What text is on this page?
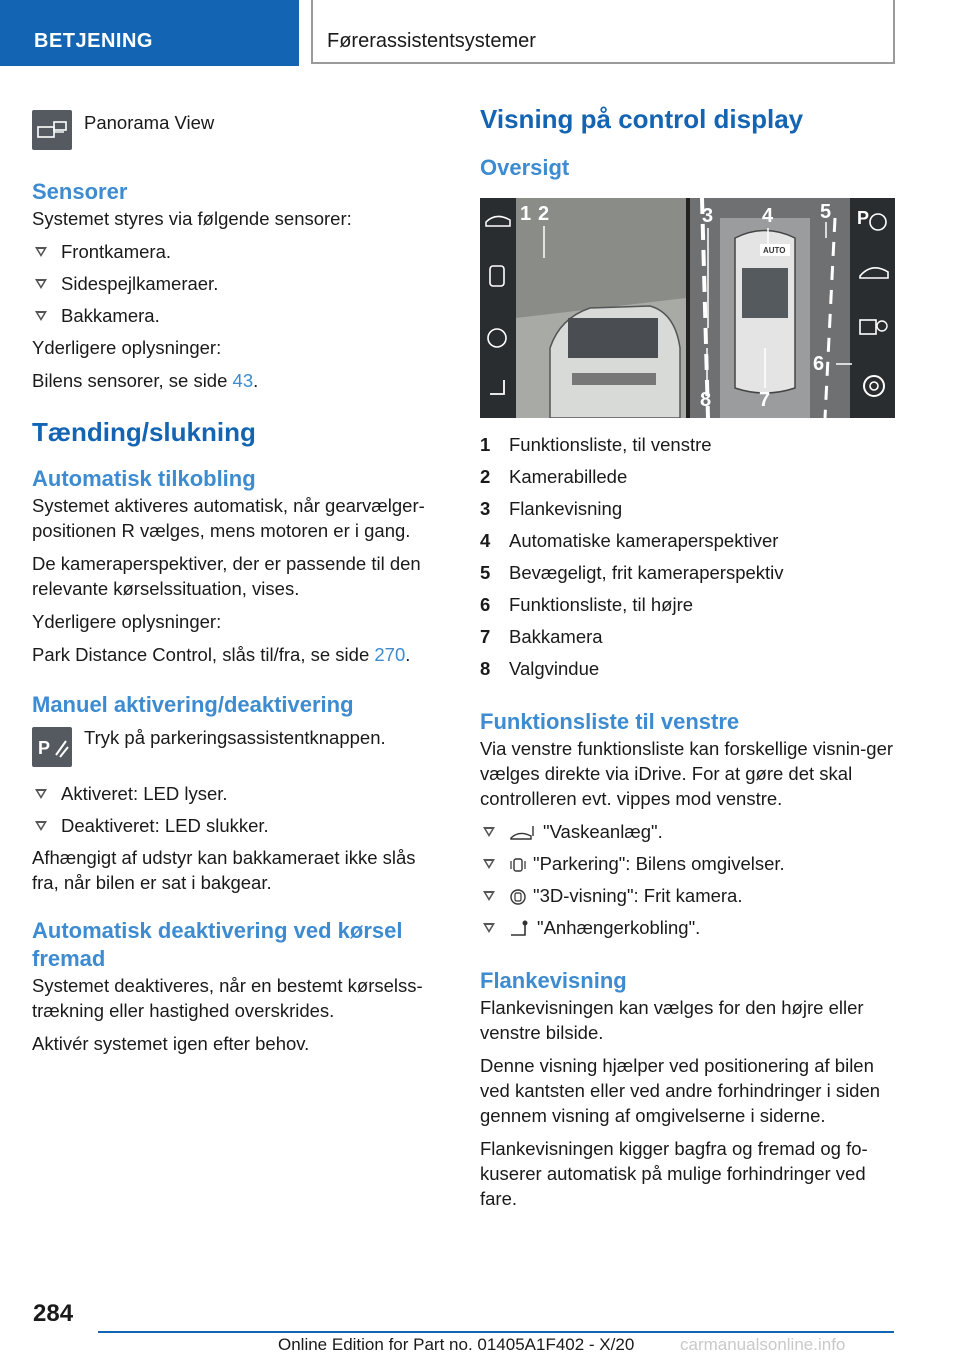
BETJENING	Førerassistentsystemer
Panorama View
Sensorer

Systemet styres via følgende sensorer:

Frontkamera.
Sidespejlkameraer.
Bakkamera.

Yderligere oplysninger:

Bilens sensorer, se side 43.

Tænding/slukning
Automatisk tilkobling

Systemet aktiveres automatisk, når gearvælger-positionen R vælges, mens motoren er i gang.

De kameraperspektiver, der er passende til den relevante kørselssituation, vises.

Yderligere oplysninger:

Park Distance Control, slås til/fra, se side 270.

Manuel aktivering/deaktivering
P Tryk på parkeringsassistentknappen.
Aktiveret: LED lyser.
Deaktiveret: LED slukker.

Afhængigt af udstyr kan bakkameraet ikke slås fra, når bilen er sat i bakgear.

Automatisk deaktivering ved kørsel fremad

Systemet deaktiveres, når en bestemt kørselsstrækning eller hastighed overskrides.

Aktivér systemet igen efter behov.

Visning på control display
Oversigt
P
AUTO
1 2	3 4 5
6
7
8
1 Funktionsliste, til venstre
2 Kamerabillede
3 Flankevisning
4 Automatiske kameraperspektiver
5 Bevægeligt, frit kameraperspektiv
6 Funktionsliste, til højre
7 Bakkamera
8 Valgvindue
Funktionsliste til venstre

Via venstre funktionsliste kan forskellige visnin-ger vælges direkte via iDrive. For at gøre det skal controlleren evt. vippes mod venstre.

"Vaskeanlæg".
"Parkering": Bilens omgivelser.
"3D-visning": Frit kamera.
"Anhængerkobling".
Flankevisning

Flankevisningen kan vælges for den højre eller venstre bilside.

Denne visning hjælper ved positionering af bilen ved kantsten eller ved andre forhindringer i siden gennem visning af omgivelserne i siderne.

Flankevisningen kigger bagfra og fremad og fo-kuserer automatisk på mulige forhindringer ved fare.

284
Online Edition for Part no. 01405A1F402 - X/20	carmanualsonline.info
